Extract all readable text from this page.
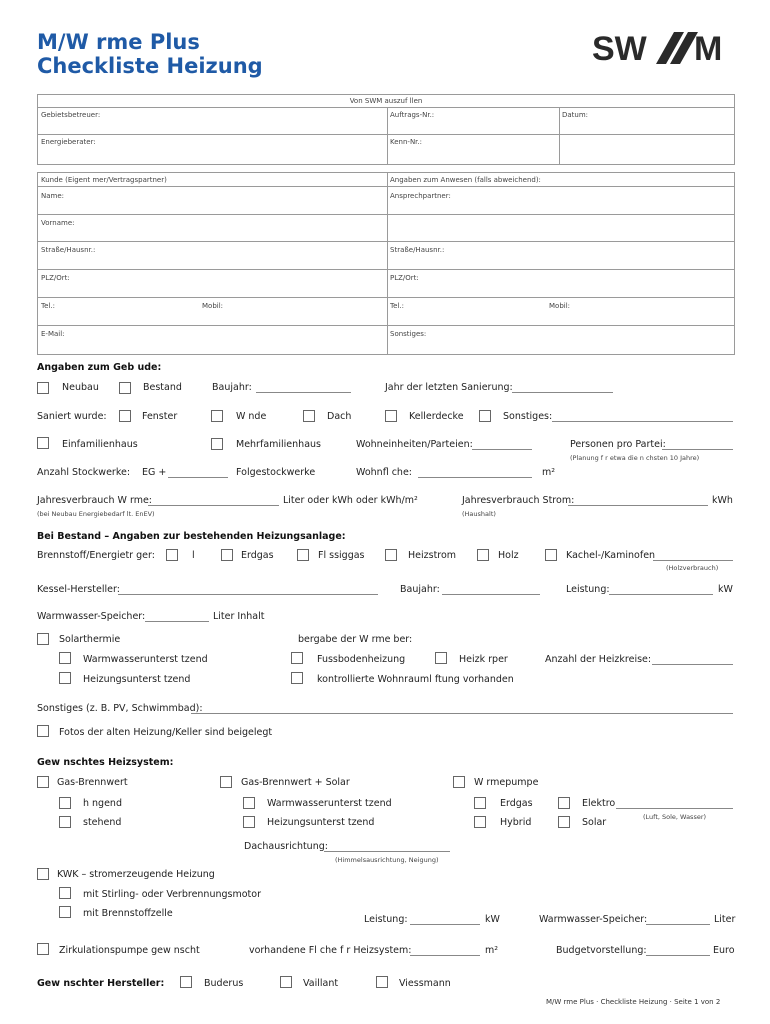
M/W rme Plus
Checkliste Heizung	SW M
Von SWM auszuf llen
Gebietsbetreuer:	Auftrags-Nr.:	Datum:
Energieberater:	Kenn-Nr.:
Kunde (Eigent mer/Vertragspartner)	Angaben zum Anwesen (falls abweichend):
Name:	Ansprechpartner:
Vorname:
Straße/Hausnr.:	Straße/Hausnr.:
PLZ/Ort:	PLZ/Ort:
Tel.:	Mobil:	Tel.:	Mobil:
E-Mail:	Sonstiges:
Angaben zum Geb ude:
Neubau	Bestand	Baujahr:	Jahr der letzten Sanierung:
Saniert wurde:	Fenster	W nde	Dach	Kellerdecke	Sonstiges:
Einfamilienhaus	Mehrfamilienhaus	Wohneinheiten/Parteien:	Personen pro Partei:
(Planung f r etwa die n chsten 10 Jahre)
Anzahl Stockwerke: EG +	Folgestockwerke	Wohnfl che:	m²
Jahresverbrauch W rme:	Liter oder kWh oder kWh/m²	Jahresverbrauch Strom:	kWh
(bei Neubau Energiebedarf lt. EnEV)	(Haushalt)
Bei Bestand – Angaben zur bestehenden Heizungsanlage:
Brennstoff/Energietr ger:	l	Erdgas	Fl ssiggas	Heizstrom	Holz	Kachel-/Kaminofen
(Holzverbrauch)
Kessel-Hersteller:	Baujahr:	Leistung:	kW
Warmwasser-Speicher:	Liter Inhalt
Solarthermie	bergabe der W rme ber:
Warmwasserunterst tzend	Fussbodenheizung	Heizk rper	Anzahl der Heizkreise:
Heizungsunterst tzend	kontrollierte Wohnrauml ftung vorhanden
Sonstiges (z. B. PV, Schwimmbad):
Fotos der alten Heizung/Keller sind beigelegt
Gew nschtes Heizsystem:
Gas-Brennwert	Gas-Brennwert + Solar	W rmepumpe
h ngend	Warmwasserunterst tzend	Erdgas	Elektro
(Luft, Sole, Wasser)
stehend	Heizungsunterst tzend	Hybrid	Solar
Dachausrichtung:
(Himmelsausrichtung, Neigung)
KWK – stromerzeugende Heizung
mit Stirling- oder Verbrennungsmotor
mit Brennstoffzelle
Leistung:	kW	Warmwasser-Speicher:	Liter
Zirkulationspumpe gew nscht	vorhandene Fl che f r Heizsystem:	m²	Budgetvorstellung:	Euro
Gew nschter Hersteller:	Buderus	Vaillant	Viessmann
M/W rme Plus · Checkliste Heizung · Seite 1 von 2
